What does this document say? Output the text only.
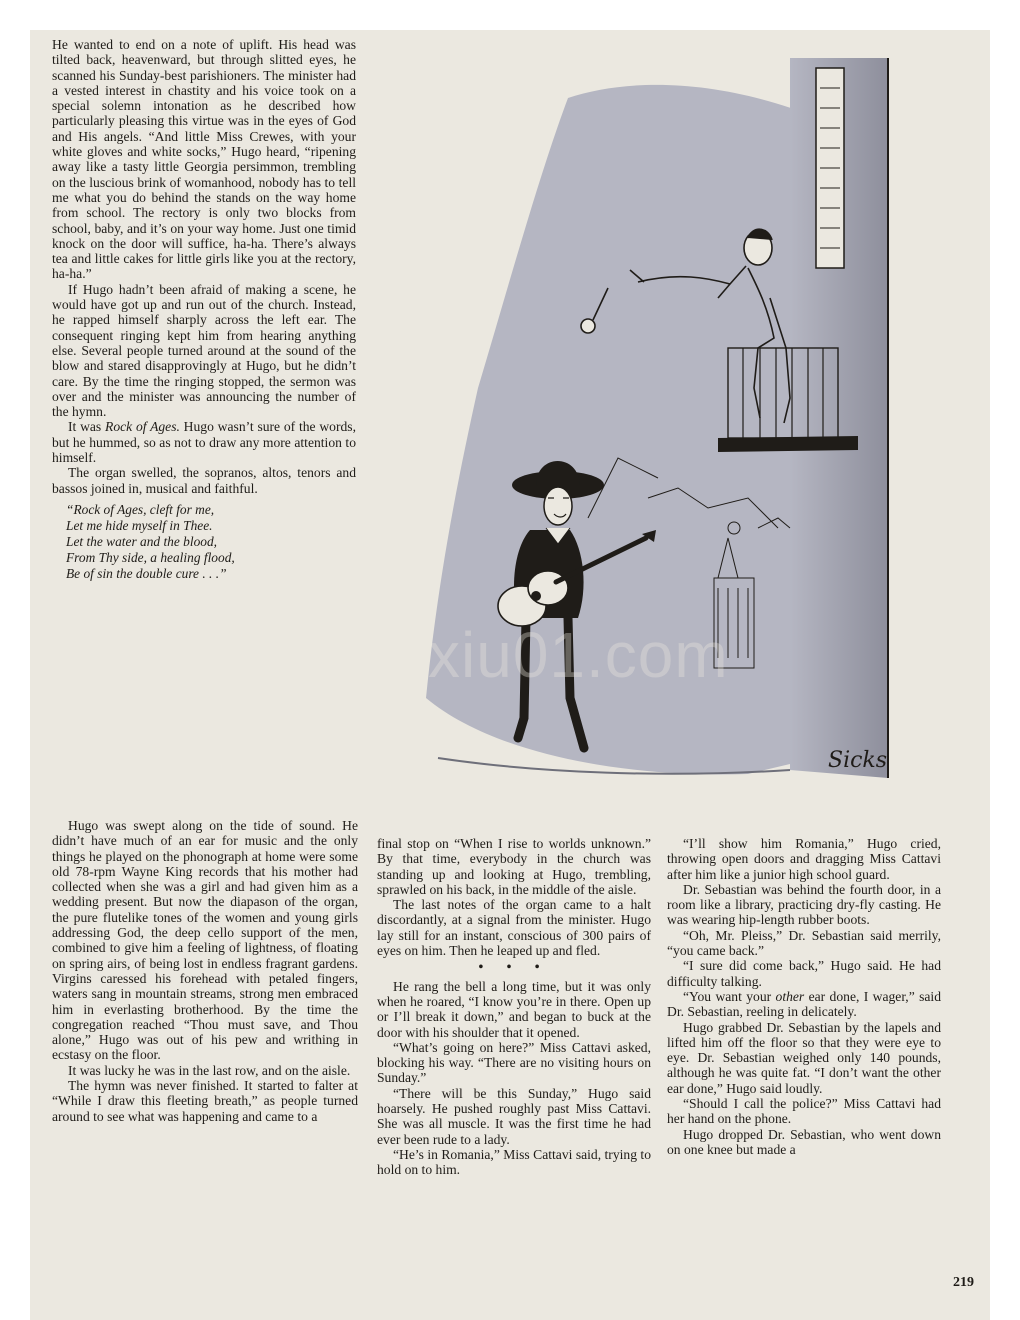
He wanted to end on a note of uplift. His head was tilted back, heavenward, but through slitted eyes, he scanned his Sunday-best parishioners. The minister had a vested interest in chastity and his voice took on a special solemn intonation as he described how particularly pleasing this virtue was in the eyes of God and His angels. “And little Miss Crewes, with your white gloves and white socks,” Hugo heard, “ripening away like a tasty little Georgia persimmon, trembling on the luscious brink of womanhood, nobody has to tell me what you do behind the stands on the way home from school. The rectory is only two blocks from school, baby, and it’s on your way home. Just one timid knock on the door will suffice, ha-ha. There’s always tea and little cakes for little girls like you at the rectory, ha-ha.”

If Hugo hadn’t been afraid of making a scene, he would have got up and run out of the church. Instead, he rapped himself sharply across the left ear. The consequent ringing kept him from hearing anything else. Several people turned around at the sound of the blow and stared disapprovingly at Hugo, but he didn’t care. By the time the ringing stopped, the sermon was over and the minister was announcing the number of the hymn.

It was Rock of Ages. Hugo wasn’t sure of the words, but he hummed, so as not to draw any more attention to himself.

The organ swelled, the sopranos, altos, tenors and bassos joined in, musical and faithful.

“Rock of Ages, cleft for me,
Let me hide myself in Thee.
Let the water and the blood,
From Thy side, a healing flood,
Be of sin the double cure . . .”
xiu01.com
Sicks

Hugo was swept along on the tide of sound. He didn’t have much of an ear for music and the only things he played on the phonograph at home were some old 78-rpm Wayne King records that his mother had collected when she was a girl and had given him as a wedding present. But now the diapason of the organ, the pure flutelike tones of the women and young girls addressing God, the deep cello support of the men, combined to give him a feeling of lightness, of floating on spring airs, of being lost in endless fragrant gardens. Virgins caressed his forehead with petaled fingers, waters sang in mountain streams, strong men embraced him in everlasting brotherhood. By the time the congregation reached “Thou must save, and Thou alone,” Hugo was out of his pew and writhing in ecstasy on the floor.

It was lucky he was in the last row, and on the aisle.

The hymn was never finished. It started to falter at “While I draw this fleeting breath,” as people turned around to see what was happening and came to a

final stop on “When I rise to worlds unknown.” By that time, everybody in the church was standing up and looking at Hugo, trembling, sprawled on his back, in the middle of the aisle.

The last notes of the organ came to a halt discordantly, at a signal from the minister. Hugo lay still for an instant, conscious of 300 pairs of eyes on him. Then he leaped up and fled.

• • •

He rang the bell a long time, but it was only when he roared, “I know you’re in there. Open up or I’ll break it down,” and began to buck at the door with his shoulder that it opened.

“What’s going on here?” Miss Cattavi asked, blocking his way. “There are no visiting hours on Sunday.”

“There will be this Sunday,” Hugo said hoarsely. He pushed roughly past Miss Cattavi. She was all muscle. It was the first time he had ever been rude to a lady.

“He’s in Romania,” Miss Cattavi said, trying to hold on to him.

“I’ll show him Romania,” Hugo cried, throwing open doors and dragging Miss Cattavi after him like a junior high school guard.

Dr. Sebastian was behind the fourth door, in a room like a library, practicing dry-fly casting. He was wearing hip-length rubber boots.

“Oh, Mr. Pleiss,” Dr. Sebastian said merrily, “you came back.”

“I sure did come back,” Hugo said. He had difficulty talking.

“You want your other ear done, I wager,” said Dr. Sebastian, reeling in delicately.

Hugo grabbed Dr. Sebastian by the lapels and lifted him off the floor so that they were eye to eye. Dr. Sebastian weighed only 140 pounds, although he was quite fat. “I don’t want the other ear done,” Hugo said loudly.

“Should I call the police?” Miss Cattavi had her hand on the phone.

Hugo dropped Dr. Sebastian, who went down on one knee but made a

219
